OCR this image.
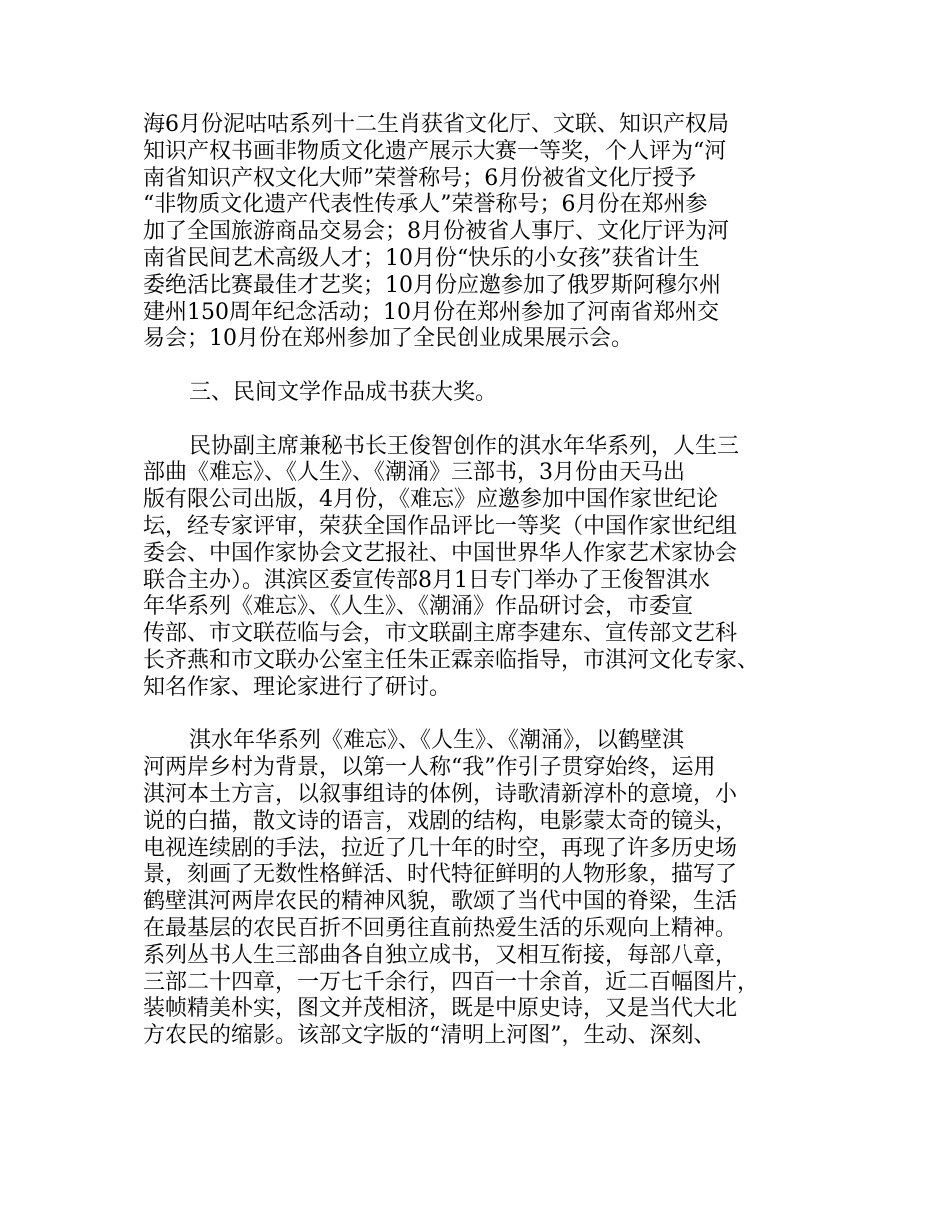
海6月份泥咕咕系列十二生肖获省文化厅、文联、知识产权局
知识产权书画非物质文化遗产展示大赛一等奖，个人评为“河
南省知识产权文化大师”荣誉称号；6月份被省文化厅授予
“非物质文化遗产代表性传承人”荣誉称号；6月份在郑州参
加了全国旅游商品交易会；8月份被省人事厅、文化厅评为河
南省民间艺术高级人才；10月份“快乐的小女孩”获省计生
委绝活比赛最佳才艺奖；10月份应邀参加了俄罗斯阿穆尔州
建州150周年纪念活动；10月份在郑州参加了河南省郑州交
易会；10月份在郑州参加了全民创业成果展示会。

三、民间文学作品成书获大奖。

民协副主席兼秘书长王俊智创作的淇水年华系列，人生三
部曲《难忘》、《人生》、《潮涌》三部书，3月份由天马出
版有限公司出版，4月份，《难忘》应邀参加中国作家世纪论
坛，经专家评审，荣获全国作品评比一等奖（中国作家世纪组
委会、中国作家协会文艺报社、中国世界华人作家艺术家协会
联合主办）。淇滨区委宣传部8月1日专门举办了王俊智淇水
年华系列《难忘》、《人生》、《潮涌》作品研讨会，市委宣
传部、市文联莅临与会，市文联副主席李建东、宣传部文艺科
长齐燕和市文联办公室主任朱正霖亲临指导，市淇河文化专家、
知名作家、理论家进行了研讨。

淇水年华系列《难忘》、《人生》、《潮涌》，以鹤壁淇
河两岸乡村为背景，以第一人称“我”作引子贯穿始终，运用
淇河本土方言，以叙事组诗的体例，诗歌清新淳朴的意境，小
说的白描，散文诗的语言，戏剧的结构，电影蒙太奇的镜头，
电视连续剧的手法，拉近了几十年的时空，再现了许多历史场
景，刻画了无数性格鲜活、时代特征鲜明的人物形象，描写了
鹤壁淇河两岸农民的精神风貌，歌颂了当代中国的脊梁，生活
在最基层的农民百折不回勇往直前热爱生活的乐观向上精神。
系列丛书人生三部曲各自独立成书，又相互衔接，每部八章，
三部二十四章，一万七千余行，四百一十余首，近二百幅图片，
装帧精美朴实，图文并茂相济，既是中原史诗，又是当代大北
方农民的缩影。该部文字版的“清明上河图”，生动、深刻、
